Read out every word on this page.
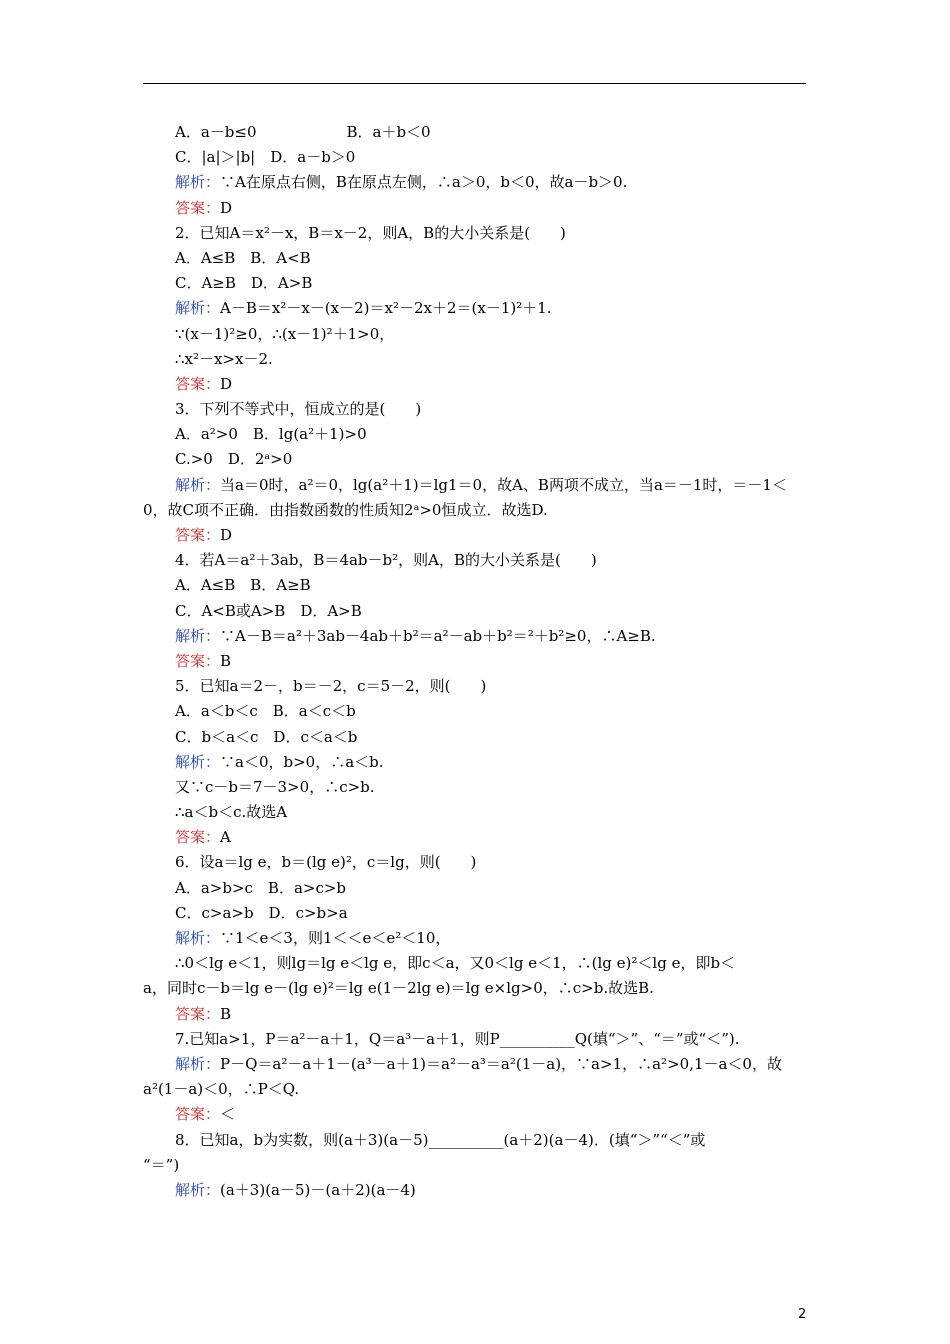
A．a－b≤0　　　　　　B．a＋b＜0
C．|a|＞|b|　D．a－b＞0
解析：∵A在原点右侧，B在原点左侧，∴a＞0，b＜0，故a－b＞0.
答案：D
2．已知A＝x²－x，B＝x－2，则A，B的大小关系是(　　)
A．A≤B　B．A<B
C．A≥B　D．A>B
解析：A－B＝x²－x－(x－2)＝x²－2x＋2＝(x－1)²＋1.
∵(x－1)²≥0，∴(x－1)²＋1>0，
∴x²－x>x－2.
答案：D
3．下列不等式中，恒成立的是(　　)
A．a²>0　B．lg(a²＋1)>0
C.>0　D．2ᵃ>0
解析：当a＝0时，a²＝0，lg(a²＋1)＝lg1＝0，故A、B两项不成立，当a＝－1时，＝－1＜
0，故C项不正确．由指数函数的性质知2ᵃ>0恒成立．故选D.
答案：D
4．若A＝a²＋3ab，B＝4ab－b²，则A，B的大小关系是(　　)
A．A≤B　B．A≥B
C．A<B或A>B　D．A>B
解析：∵A－B＝a²＋3ab－4ab＋b²＝a²－ab＋b²＝²＋b²≥0，∴A≥B.
答案：B
5．已知a＝2－，b＝－2，c＝5－2，则(　　)
A．a＜b＜c　B．a＜c＜b
C．b＜a＜c　D．c＜a＜b
解析：∵a＜0，b>0，∴a＜b.
又∵c－b＝7－3>0，∴c>b.
∴a＜b＜c.故选A
答案：A
6．设a＝lg e，b＝(lg e)²，c＝lg，则(　　)
A．a>b>c　B．a>c>b
C．c>a>b　D．c>b>a
解析：∵1＜e＜3，则1＜＜e＜e²＜10，
∴0＜lg e＜1，则lg＝lg e＜lg e，即c＜a，又0＜lg e＜1，∴(lg e)²＜lg e，即b＜
a，同时c－b＝lg e－(lg e)²＝lg e(1－2lg e)＝lg e×lg>0，∴c>b.故选B.
答案：B
7.已知a>1，P＝a²－a＋1，Q＝a³－a＋1，则P__________Q(填“＞”、“＝”或“＜”).
解析：P－Q＝a²－a＋1－(a³－a＋1)＝a²－a³＝a²(1－a)，∵a>1，∴a²>0,1－a＜0，故
a²(1－a)＜0，∴P＜Q.
答案：＜
8．已知a，b为实数，则(a＋3)(a－5)__________(a＋2)(a－4)．(填“＞”“＜”或
“＝”)
解析：(a＋3)(a－5)－(a＋2)(a－4)
2
